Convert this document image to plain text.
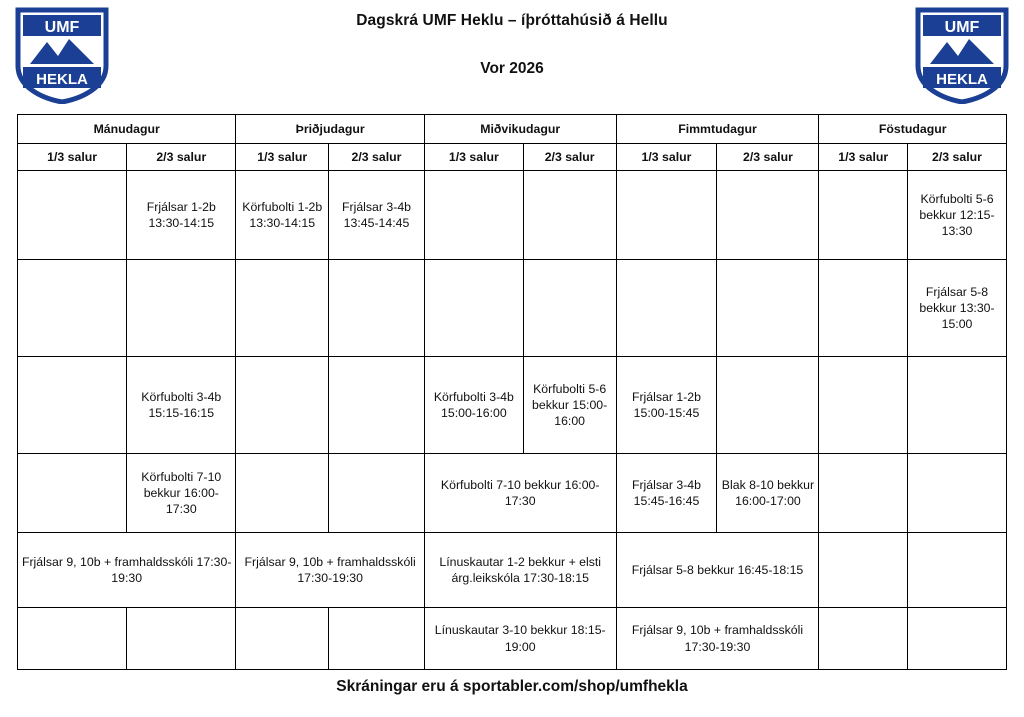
UMF
HEKLA
UMF
HEKLA
Dagskrá UMF Heklu – íþróttahúsið á Hellu
Vor 2026
Mánudagur		Þriðjudagur		Miðvikudagur		Fimmtudagur		Föstudagur	
1/3 salur	2/3 salur	1/3 salur	2/3 salur	1/3 salur	2/3 salur	1/3 salur	2/3 salur	1/3 salur	2/3 salur
	Frjálsar 1-2b 13:30-14:15	Körfubolti 1-2b 13:30-14:15	Frjálsar 3-4b 13:45-14:45						Körfubolti 5-6 bekkur 12:15-13:30
									Frjálsar 5-8 bekkur 13:30-15:00
	Körfubolti 3-4b 15:15-16:15			Körfubolti 3-4b 15:00-16:00	Körfubolti 5-6 bekkur 15:00-16:00	Frjálsar 1-2b 15:00-15:45			
	Körfubolti 7-10 bekkur 16:00-17:30			Körfubolti 7-10 bekkur 16:00-17:30		Frjálsar 3-4b 15:45-16:45	Blak 8-10 bekkur 16:00-17:00		
Frjálsar 9, 10b + framhaldsskóli 17:30-19:30		Frjálsar 9, 10b + framhaldsskóli 17:30-19:30		Línuskautar 1-2 bekkur + elsti árg.leikskóla 17:30-18:15		Frjálsar 5-8 bekkur 16:45-18:15			
				Línuskautar 3-10 bekkur 18:15-19:00		Frjálsar 9, 10b + framhaldsskóli 17:30-19:30			
Skráningar eru á sportabler.com/shop/umfhekla
